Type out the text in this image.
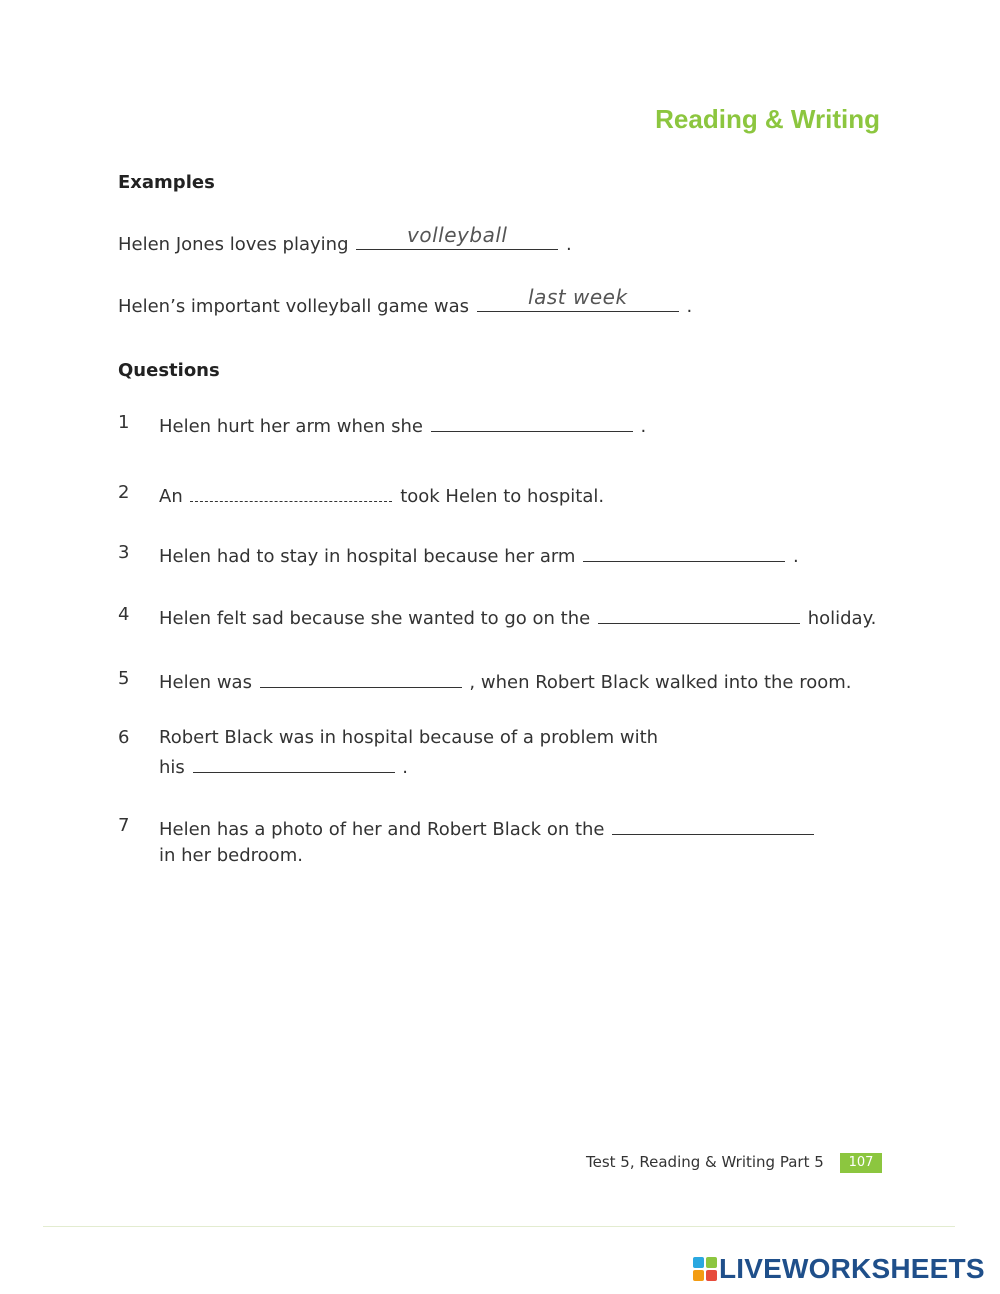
Reading & Writing
Examples
Helen Jones loves playing	volleyball	.
Helen’s important volleyball game was	last week	.
Questions
1	Helen hurt her arm when she	.
2	An	took Helen to hospital.
3	Helen had to stay in hospital because her arm	.
4	Helen felt sad because she wanted to go on the	holiday.
5	Helen was	, when Robert Black walked into the room.
6	Robert Black was in hospital because of a problem with
his	.
7	Helen has a photo of her and Robert Black on the
in her bedroom.
Test 5, Reading & Writing Part 5	107
LIVEWORKSHEETS
